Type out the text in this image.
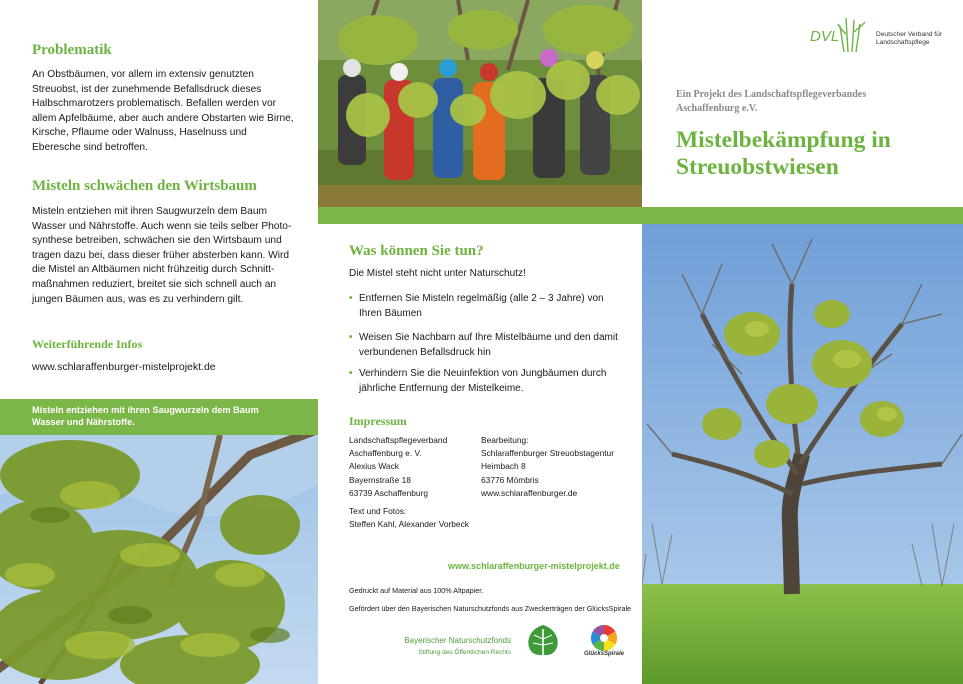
Problematik
An Obstbäumen, vor allem im extensiv genutzten Streuobst, ist der zunehmende Befallsdruck dieses Halbschmarotzers problematisch. Befallen werden vor allem Apfelbäume, aber auch andere Obstarten wie Birne, Kirsche, Pflaume oder Walnuss, Haselnuss und Eberesche sind betroffen.
Misteln schwächen den Wirtsbaum
Misteln entziehen mit ihren Saugwurzeln dem Baum Wasser und Nährstoffe. Auch wenn sie teils selber Photo-synthese betreiben, schwächen sie den Wirtsbaum und tragen dazu bei, dass dieser früher absterben kann. Wird die Mistel an Altbäumen nicht frühzeitig durch Schnitt-maßnahmen reduziert, breitet sie sich schnell auch an jungen Bäumen aus, was es zu verhindern gilt.
Weiterführende Infos
www.schlaraffenburger-mistelprojekt.de
Misteln entziehen mit ihren Saugwurzeln dem Baum Wasser und Nährstoffe.
Was können Sie tun?
Die Mistel steht nicht unter Naturschutz!
• Entfernen Sie Misteln regelmäßig (alle 2 – 3 Jahre) von Ihren Bäumen
• Weisen Sie Nachbarn auf Ihre Mistelbäume und den damit verbundenen Befallsdruck hin
• Verhindern Sie die Neuinfektion von Jungbäumen durch jährliche Entfernung der Mistelkeime.
Impressum
Landschaftspflegeverband
Aschaffenburg e. V.
Alexius Wack
Bayernstraße 18
63739 Aschaffenburg
Bearbeitung:
Schlaraffenburger Streuobstagentur
Heimbach 8
63776 Mömbris
www.schlaraffenburger.de
Text und Fotos:
Steffen Kahl, Alexander Vorbeck
www.schlaraffenburger-mistelprojekt.de
Gedruckt auf Material aus 100% Altpapier.
Gefördert über den Bayerischen Naturschutzfonds aus Zweckerträgen der GlücksSpirale
Bayerischer Naturschutzfonds
Stiftung des Öffentlichen Rechts	GlücksSpirale
DVL	Deutscher Verband für
Landschaftspflege
Ein Projekt des Landschaftspflegeverbandes
Aschaffenburg e.V.
Mistelbekämpfung in
Streuobstwiesen
